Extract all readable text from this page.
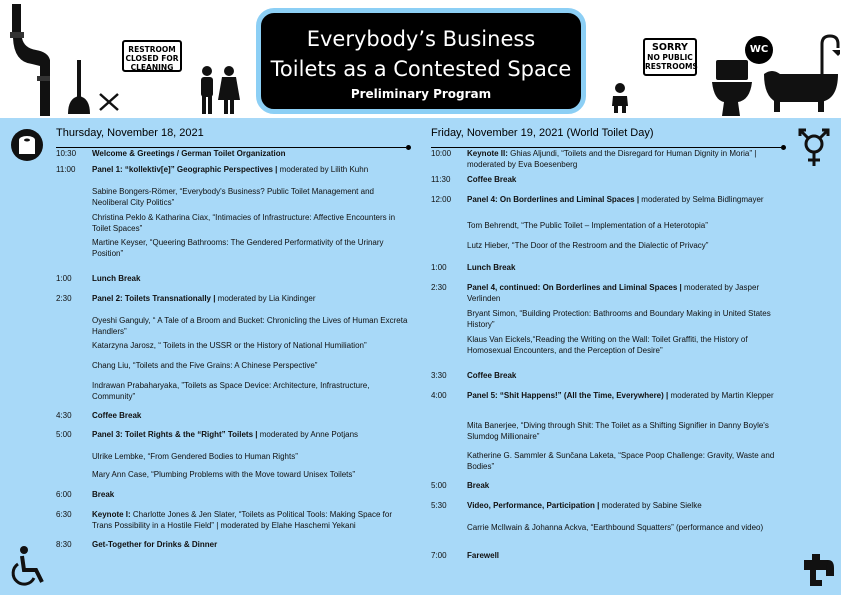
RESTROOM
CLOSED FOR
CLEANING
Everybody’s Business
Toilets as a Contested Space
Preliminary Program
SORRY
NO PUBLIC
RESTROOMS
WC
Thursday, November 18, 2021
10:30	Welcome & Greetings / German Toilet Organization
11:00	Panel 1: “kollektiv[e]” Geographic Perspectives | moderated by Lilith Kuhn
Sabine Bongers-Römer, “Everybody's Business? Public Toilet Management and Neoliberal City Politics”
Christina Peklo & Katharina Ciax, “Intimacies of Infrastructure: Affective Encounters in Toilet Spaces”
Martine Keyser, “Queering Bathrooms: The Gendered Performativity of the Urinary Position”
1:00	Lunch Break
2:30	Panel 2: Toilets Transnationally | moderated by Lia Kindinger
Oyeshi Ganguly, “ A Tale of a Broom and Bucket: Chronicling the Lives of Human Excreta Handlers”
Katarzyna Jarosz, “ Toilets in the USSR or the History of National Humiliation”
Chang Liu, “Toilets and the Five Grains: A Chinese Perspective”
Indrawan Prabaharyaka, ”Toilets as Space Device: Architecture, Infrastructure, Community”
4:30	Coffee Break
5:00	Panel 3: Toilet Rights & the “Right” Toilets | moderated by Anne Potjans
Ulrike Lembke, “From Gendered Bodies to Human Rights”
Mary Ann Case, “Plumbing Problems with the Move toward Unisex Toilets”
6:00	Break
6:30	Keynote I: Charlotte Jones & Jen Slater, “Toilets as Political Tools: Making Space for Trans Possibility in a Hostile Field” | moderated by Elahe Haschemi Yekani
8:30	Get-Together for Drinks & Dinner
Friday, November 19, 2021 (World Toilet Day)
10:00	Keynote II: Ghias Aljundi, “Toilets and the Disregard for Human Dignity in Moria” | moderated by Eva Boesenberg
11:30	Coffee Break
12:00	Panel 4: On Borderlines and Liminal Spaces | moderated by Selma Bidlingmayer
Tom Behrendt, “The Public Toilet – Implementation of a Heterotopia”
Lutz Hieber, “The Door of the Restroom and the Dialectic of Privacy”
1:00	Lunch Break
2:30	Panel 4, continued: On Borderlines and Liminal Spaces | moderated by Jasper Verlinden
Bryant Simon, “Building Protection: Bathrooms and Boundary Making in United States History”
Klaus Van Eickels,“Reading the Writing on the Wall: Toilet Graffiti, the History of Homosexual Encounters, and the Perception of Desire”
3:30	Coffee Break
4:00	Panel 5: “Shit Happens!” (All the Time, Everywhere) | moderated by Martin Klepper
Mita Banerjee, “Diving through Shit: The Toilet as a Shifting Signifier in Danny Boyle's Slumdog Millionaire”
Katherine G. Sammler & Sunčana Laketa, “Space Poop Challenge: Gravity, Waste and Bodies”
5:00	Break
5:30	Video, Performance, Participation | moderated by Sabine Sielke
Carrie McIlwain & Johanna Ackva, “Earthbound Squatters” (performance and video)
7:00	Farewell
